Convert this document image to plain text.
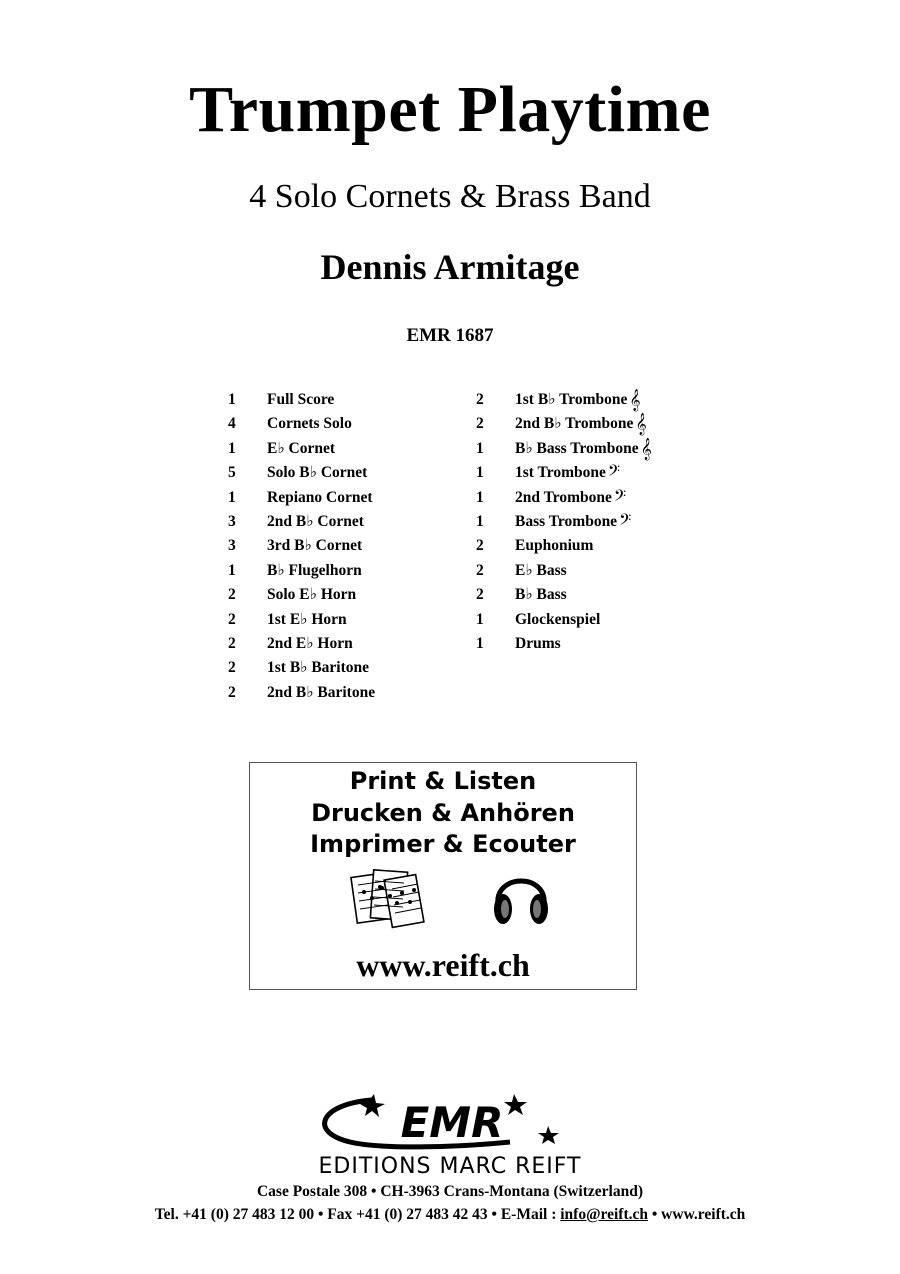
Trumpet Playtime
4 Solo Cornets & Brass Band
Dennis Armitage
EMR 1687
1	Full Score
4	Cornets Solo
1	E♭ Cornet
5	Solo B♭ Cornet
1	Repiano Cornet
3	2nd B♭ Cornet
3	3rd B♭ Cornet
1	B♭ Flugelhorn
2	Solo E♭ Horn
2	1st E♭ Horn
2	2nd E♭ Horn
2	1st B♭ Baritone
2	2nd B♭ Baritone
2	1st B♭ Trombone 𝄞
2	2nd B♭ Trombone 𝄞
1	B♭ Bass Trombone 𝄞
1	1st Trombone 𝄢
1	2nd Trombone 𝄢
1	Bass Trombone 𝄢
2	Euphonium
2	E♭ Bass
2	B♭ Bass
1	Glockenspiel
1	Drums
Print & Listen
Drucken & Anhören
Imprimer & Ecouter
www.reift.ch
EMR
EDITIONS MARC REIFT
Case Postale 308 • CH-3963 Crans-Montana (Switzerland)
Tel. +41 (0) 27 483 12 00 • Fax +41 (0) 27 483 42 43 • E-Mail : info@reift.ch • www.reift.ch
